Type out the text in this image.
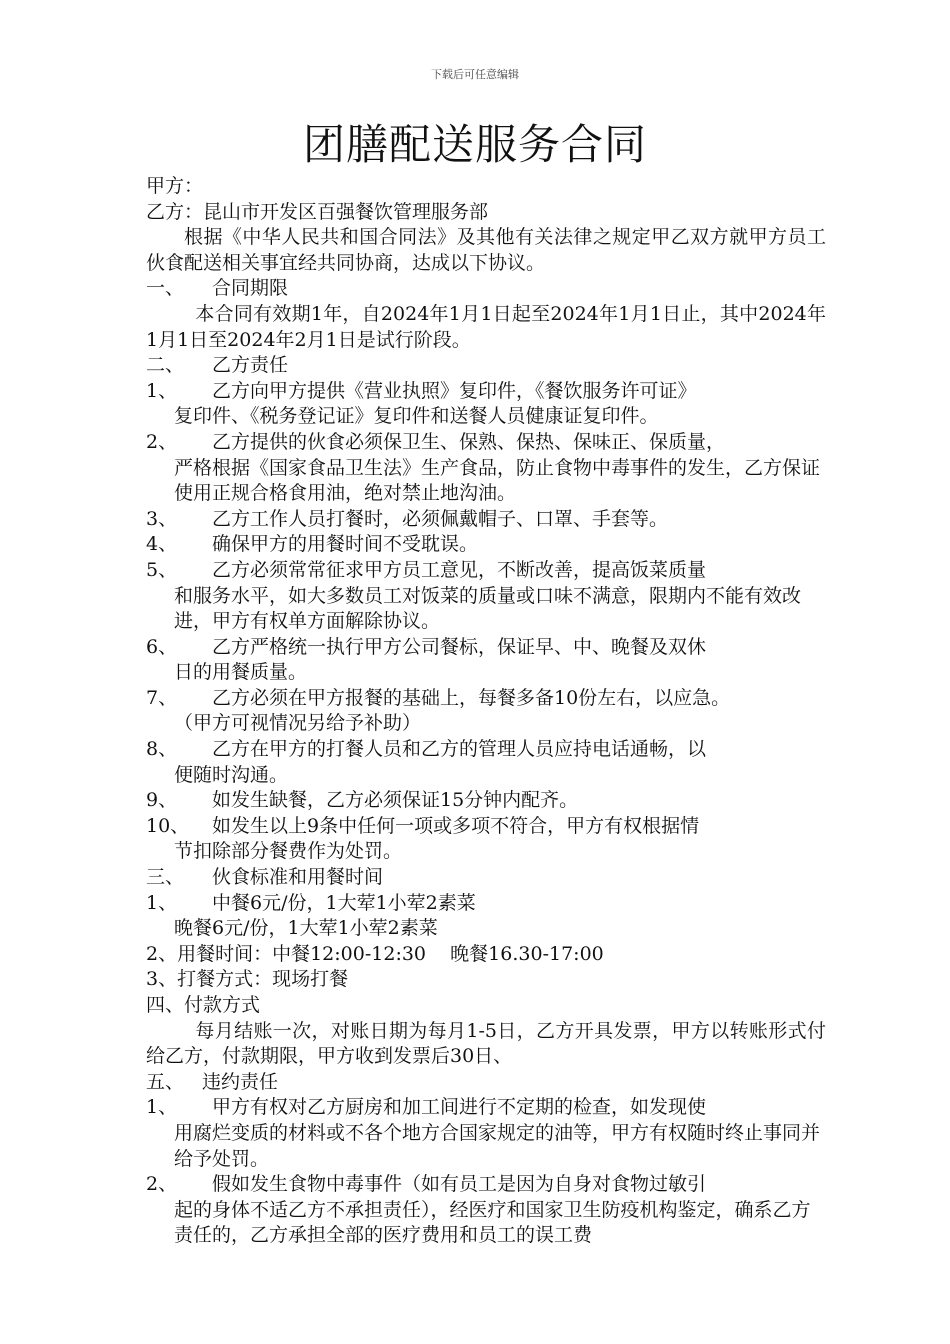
下载后可任意编辑
团膳配送服务合同
甲方：
乙方：昆山市开发区百强餐饮管理服务部
根据《中华人民共和国合同法》及其他有关法律之规定甲乙双方就甲方员工伙食配送相关事宜经共同协商，达成以下协议。
一、	合同期限
本合同有效期1年，自2024年1月1日起至2024年1月1日止，其中2024年1月1日至2024年2月1日是试行阶段。
二、	乙方责任
1、	乙方向甲方提供《营业执照》复印件，《餐饮服务许可证》
复印件、《税务登记证》复印件和送餐人员健康证复印件。
2、	乙方提供的伙食必须保卫生、保熟、保热、保味正、保质量，
严格根据《国家食品卫生法》生产食品，防止食物中毒事件的发生，乙方保证使用正规合格食用油，绝对禁止地沟油。
3、	乙方工作人员打餐时，必须佩戴帽子、口罩、手套等。
4、	确保甲方的用餐时间不受耽误。
5、	乙方必须常常征求甲方员工意见，不断改善，提高饭菜质量
和服务水平，如大多数员工对饭菜的质量或口味不满意，限期内不能有效改进，甲方有权单方面解除协议。
6、	乙方严格统一执行甲方公司餐标，保证早、中、晚餐及双休
日的用餐质量。
7、	乙方必须在甲方报餐的基础上，每餐多备10份左右，以应急。
（甲方可视情况另给予补助）
8、	乙方在甲方的打餐人员和乙方的管理人员应持电话通畅，以
便随时沟通。
9、	如发生缺餐，乙方必须保证15分钟内配齐。
10、	如发生以上9条中任何一项或多项不符合，甲方有权根据情
节扣除部分餐费作为处罚。
三、	伙食标准和用餐时间
1、	中餐6元/份，1大荤1小荤2素菜
晚餐6元/份，1大荤1小荤2素菜
2、用餐时间：中餐12:00-12:30    晚餐16.30-17:00
3、打餐方式：现场打餐
四、付款方式
每月结账一次，对账日期为每月1-5日，乙方开具发票，甲方以转账形式付给乙方，付款期限，甲方收到发票后30日、
五、 违约责任
1、	甲方有权对乙方厨房和加工间进行不定期的检查，如发现使
用腐烂变质的材料或不各个地方合国家规定的油等，甲方有权随时终止事同并给予处罚。
2、	假如发生食物中毒事件（如有员工是因为自身对食物过敏引
起的身体不适乙方不承担责任），经医疗和国家卫生防疫机构鉴定，确系乙方责任的，乙方承担全部的医疗费用和员工的误工费
